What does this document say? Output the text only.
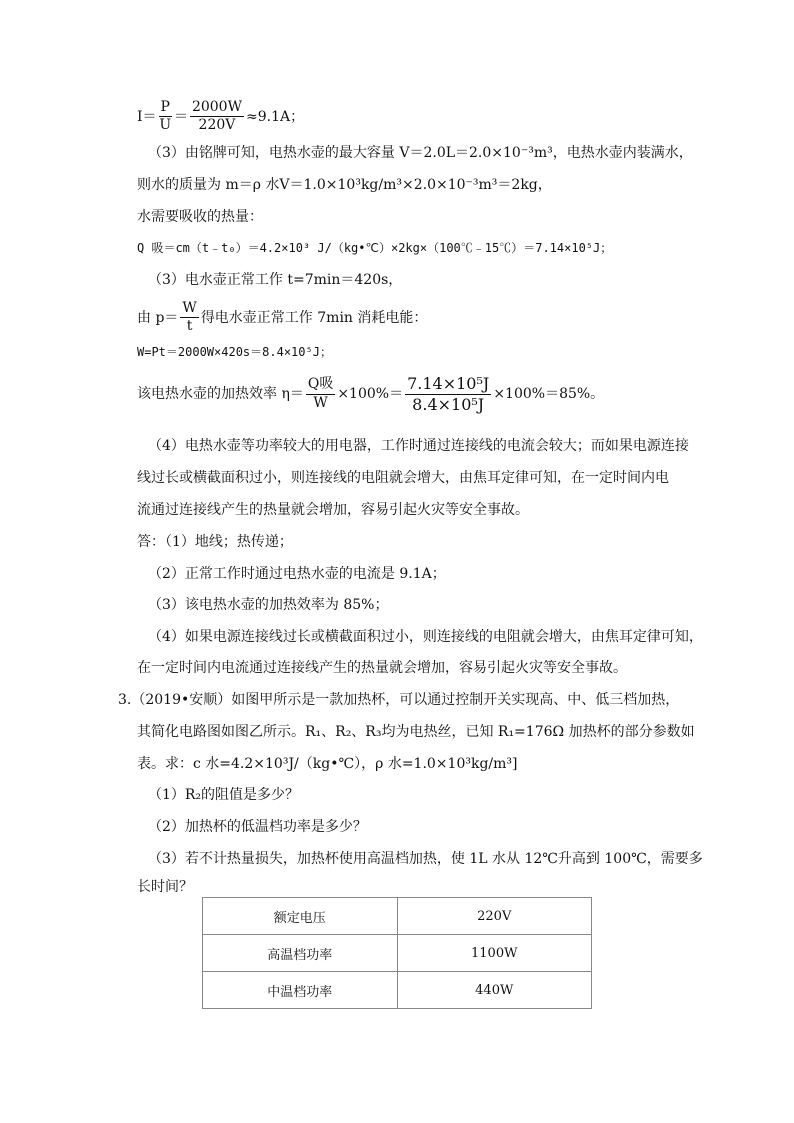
$I= \frac{P}{U} = \frac{2000W}{220V} \approx 9.1A$；
（3）由铭牌可知，电热水壶的最大容量 V＝2.0L＝2.0×10⁻³m³，电热水壶内装满水，
则水的质量为 m＝ρ 水V＝1.0×10³kg/m³×2.0×10⁻³m³＝2kg，
水需要吸收的热量：
Q 吸＝cm（t﹣t₀）＝4.2×10³ J/（kg•℃）×2kg×（100℃﹣15℃）＝7.14×10⁵J；
（3）电水壶正常工作 t=7min＝420s，
由 $p= \frac{W}{t}$ 得电水壶正常工作 7min 消耗电能：
W=Pt＝2000W×420s＝8.4×10⁵J；
该电热水壶的加热效率 $\eta= \frac{\text{Q吸}}{W} \times 100\%= \frac{\text{7.14×10⁵J}}{\text{8.4×10⁵J}} \times 100\%=85\%$。
（4）电热水壶等功率较大的用电器，工作时通过连接线的电流会较大；而如果电源连接
线过长或横截面积过小，则连接线的电阻就会增大，由焦耳定律可知，在一定时间内电
流通过连接线产生的热量就会增加，容易引起火灾等安全事故。
答：（1）地线；热传递；
（2）正常工作时通过电热水壶的电流是 9.1A；
（3）该电热水壶的加热效率为 85%；
（4）如果电源连接线过长或横截面积过小，则连接线的电阻就会增大，由焦耳定律可知，
在一定时间内电流通过连接线产生的热量就会增加，容易引起火灾等安全事故。
3.（2019•安顺）如图甲所示是一款加热杯，可以通过控制开关实现高、中、低三档加热，
其简化电路图如图乙所示。R₁、R₂、R₃均为电热丝，已知 R₁=176Ω 加热杯的部分参数如
表。求：c 水=4.2×10³J/（kg•℃），ρ 水=1.0×10³kg/m³]
（1）R₂的阻值是多少？
（2）加热杯的低温档功率是多少？
（3）若不计热量损失，加热杯使用高温档加热，使 1L 水从 12℃升高到 100℃，需要多
长时间？
额定电压	220V
高温档功率	1100W
中温档功率	440W
